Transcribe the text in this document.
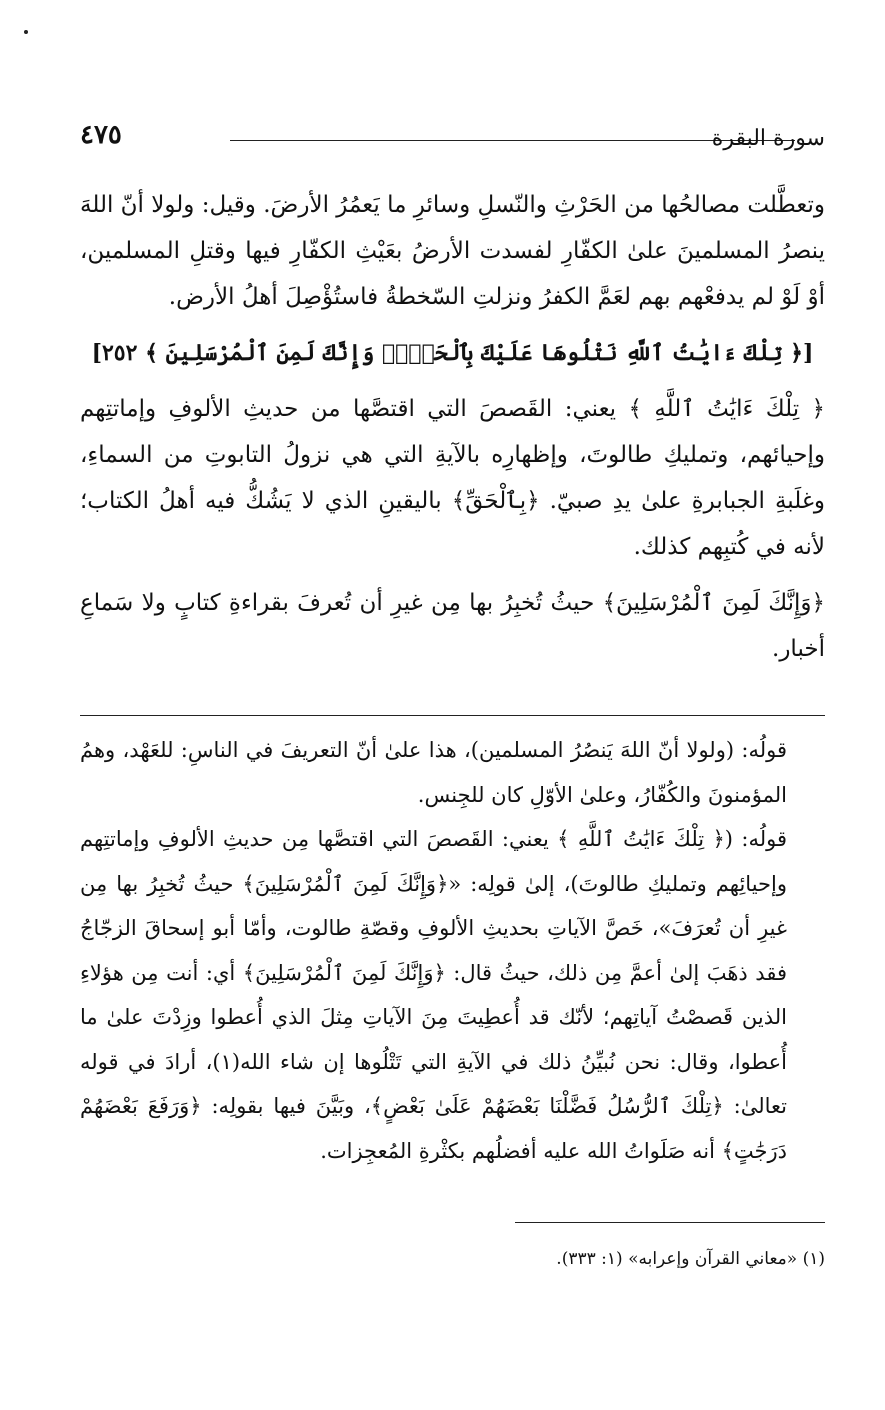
٤٧٥	سورة البقرة

وتعطَّلت مصالحُها من الحَرْثِ والنّسلِ وسائرِ ما يَعمُرُ الأرضَ. وقيل: ولولا أنّ اللهَ ينصرُ المسلمينَ علىٰ الكفّارِ لفسدت الأرضُ بعَيْثِ الكفّارِ فيها وقتلِ المسلمين، أوْ لَوْ لم يدفعْهم بهم لعَمَّ الكفرُ ونزلتِ السّخطةُ فاستُؤْصِلَ أهلُ الأرض.

[﴿ تِلْكَ ءَايَٰتُ ٱللَّهِ نَتْلُوهَا عَلَيْكَ بِٱلْحَقِّۚ وَإِنَّكَ لَمِنَ ٱلْمُرْسَلِينَ ﴾ ٢٥٢]

﴿ تِلْكَ ءَايَٰتُ ٱللَّهِ ﴾ يعني: القَصصَ التي اقتصَّها من حديثِ الألوفِ وإماتتِهم وإحيائهم، وتمليكِ طالوتَ، وإظهارِه بالآيةِ التي هي نزولُ التابوتِ من السماءِ، وغلَبةِ الجبابرةِ علىٰ يدِ صبيّ. ﴿بِٱلْحَقِّ﴾ باليقينِ الذي لا يَشُكُّ فيه أهلُ الكتاب؛ لأنه في كُتبِهم كذلك.

﴿وَإِنَّكَ لَمِنَ ٱلْمُرْسَلِينَ﴾ حيثُ تُخبِرُ بها مِن غيرِ أن تُعرفَ بقراءةِ كتابٍ ولا سَماعِ أخبار.

قولُه: (ولولا أنّ اللهَ يَنصُرُ المسلمين)، هذا علىٰ أنّ التعريفَ في الناسِ: للعَهْد، وهمُ المؤمنونَ والكُفّارُ، وعلىٰ الأوّلِ كان للجِنس.

قولُه: (﴿ تِلْكَ ءَايَٰتُ ٱللَّهِ ﴾ يعني: القَصصَ التي اقتصَّها مِن حديثِ الألوفِ وإماتتِهم وإحيائِهم وتمليكِ طالوتَ)، إلىٰ قولِه: «﴿وَإِنَّكَ لَمِنَ ٱلْمُرْسَلِينَ﴾ حيثُ تُخبِرُ بها مِن غيرِ أن تُعرَفَ»، خَصَّ الآياتِ بحديثِ الألوفِ وقصّةِ طالوت، وأمّا أبو إسحاقَ الزجّاجُ فقد ذهَبَ إلىٰ أعمَّ مِن ذلك، حيثُ قال: ﴿وَإِنَّكَ لَمِنَ ٱلْمُرْسَلِينَ﴾ أي: أنت مِن هؤلاءِ الذين قَصصْتُ آياتِهم؛ لأنّك قد أُعطِيتَ مِنَ الآياتِ مِثلَ الذي أُعطوا وزِدْتَ علىٰ ما أُعطوا، وقال: نحن نُبيِّنُ ذلك في الآيةِ التي تَتْلُوها إن شاء الله(١)، أرادَ في قوله تعالىٰ: ﴿تِلْكَ ٱلرُّسُلُ فَضَّلْنَا بَعْضَهُمْ عَلَىٰ بَعْضٍ﴾، وبَيَّنَ فيها بقولِه: ﴿وَرَفَعَ بَعْضَهُمْ دَرَجَٰتٍ﴾ أنه صَلَواتُ الله عليه أفضلُهم بكثْرةِ المُعجِزات.

(١) «معاني القرآن وإعرابه» (١: ٣٣٣).
